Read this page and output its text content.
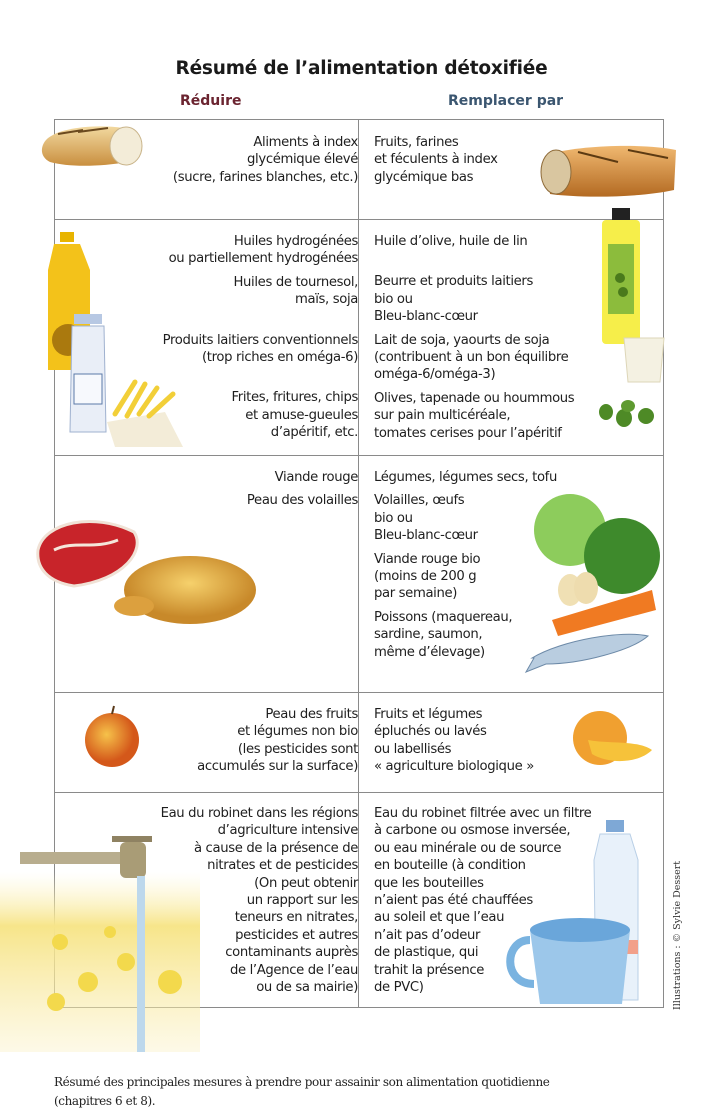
Résumé de l’alimentation détoxifiée
Réduire	Remplacer par

Aliments à index

glycémique élevé

(sucre, farines blanches, etc.)

Fruits, farines

et féculents à index

glycémique bas

Huiles hydrogénées

ou partiellement hydrogénées

Huiles de tournesol,

maïs, soja

Produits laitiers conventionnels

(trop riches en oméga-6)

Frites, fritures, chips

et amuse-gueules

d’apéritif, etc.

Huile d’olive, huile de lin

Beurre et produits laitiers

bio ou

Bleu-blanc-cœur

Lait de soja, yaourts de soja

(contribuent à un bon équilibre

oméga-6/oméga-3)

Olives, tapenade ou hoummous

sur pain multicéréale,

tomates cerises pour l’apéritif

Viande rouge

Peau des volailles

Légumes, légumes secs, tofu

Volailles, œufs

bio ou

Bleu-blanc-cœur

Viande rouge bio

(moins de 200 g

par semaine)

Poissons (maquereau,

sardine, saumon,

même d’élevage)

Peau des fruits

et légumes non bio

(les pesticides sont

accumulés sur la surface)

Fruits et légumes

épluchés ou lavés

ou labellisés

« agriculture biologique »

Eau du robinet dans les régions

d’agriculture intensive

à cause de la présence de

nitrates et de pesticides

(On peut obtenir

un rapport sur les

teneurs en nitrates,

pesticides et autres

contaminants auprès

de l’Agence de l’eau

ou de sa mairie)

Eau du robinet filtrée avec un filtre

à carbone ou osmose inversée,

ou eau minérale ou de source

en bouteille (à condition

que les bouteilles

n’aient pas été chauffées

au soleil et que l’eau

n’ait pas d’odeur

de plastique, qui

trahit la présence

de PVC)	Illustrations : © Sylvie Dessert
Résumé des principales mesures à prendre pour assainir son alimentation quotidienne
(chapitres 6 et 8).
